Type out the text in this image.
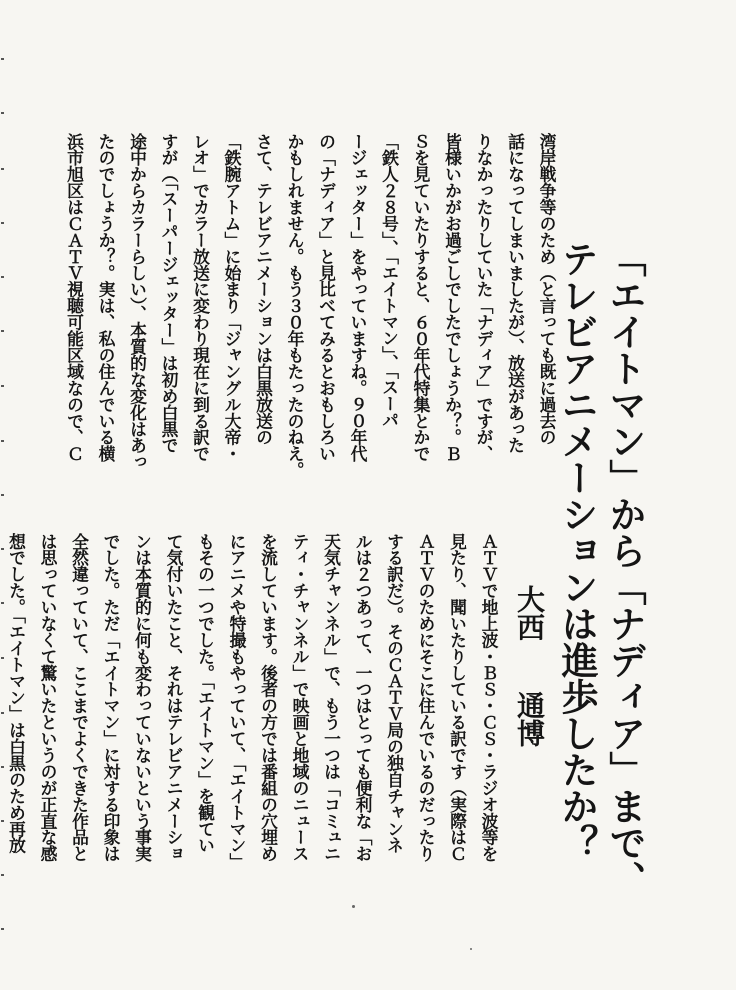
「エイトマン」から「ナディア」まで、
テレビアニメーションは進歩したか？
大西通博
湾岸戦争等のため（と言っても既に過去の
話になってしまいましたが）、放送があった
りなかったりしていた「ナディア」ですが、
皆様いかがお過ごしでしたでしょうか？。Ｂ
Ｓを見ていたりすると、６０年代特集とかで
「鉄人２８号」、「エイトマン」、「スーパ
ージェッター」をやっていますね。９０年代
の「ナディア」と見比べてみるとおもしろい
かもしれません。もう３０年もたったのねえ。
さて、テレビアニメーションは白黒放送の
「鉄腕アトム」に始まり「ジャングル大帝・
レオ」でカラー放送に変わり現在に到る訳で
すが（「スーパージェッター」は初め白黒で
途中からカラーらしい）、本質的な変化はあっ
たのでしょうか？。実は、私の住んでいる横
浜市旭区はＣＡＴＶ視聴可能区域なので、Ｃ
ＡＴＶで地上波・ＢＳ・ＣＳ・ラジオ波等を
見たり、聞いたりしている訳です（実際はＣ
ＡＴＶのためにそこに住んでいるのだったり
する訳だ）。そのＣＡＴＶ局の独自チャンネ
ルは２つあって、一つはとっても便利な「お
天気チャンネル」で、もう一つは「コミュニ
ティ・チャンネル」で映画と地域のニュース
を流しています。後者の方では番組の穴埋め
にアニメや特撮もやっていて、「エイトマン」
もその一つでした。「エイトマン」を観てい
て気付いたこと、それはテレビアニメーショ
ンは本質的に何も変わっていないという事実
でした。ただ「エイトマン」に対する印象は
全然違っていて、ここまでよくできた作品と
は思っていなくて驚いたというのが正直な感
想でした。「エイトマン」は白黒のため再放
